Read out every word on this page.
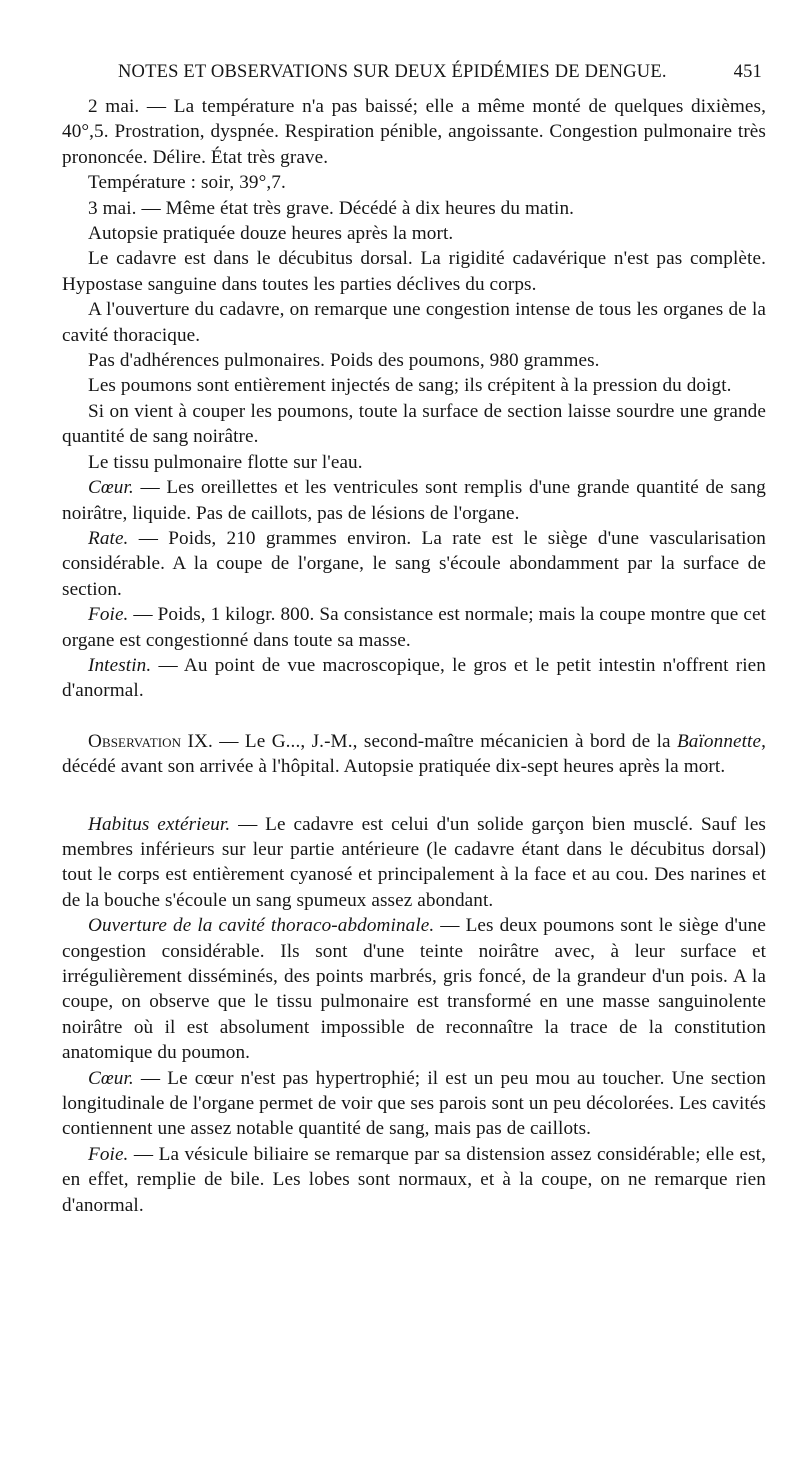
NOTES ET OBSERVATIONS SUR DEUX ÉPIDÉMIES DE DENGUE.	451

2 mai. — La température n'a pas baissé; elle a même monté de quelques dixièmes, 40°,5. Prostration, dyspnée. Respiration pénible, angoissante. Congestion pulmonaire très prononcée. Délire. État très grave.

Température : soir, 39°,7.

3 mai. — Même état très grave. Décédé à dix heures du matin.

Autopsie pratiquée douze heures après la mort.

Le cadavre est dans le décubitus dorsal. La rigidité cadavérique n'est pas complète. Hypostase sanguine dans toutes les parties déclives du corps.

A l'ouverture du cadavre, on remarque une congestion intense de tous les organes de la cavité thoracique.

Pas d'adhérences pulmonaires. Poids des poumons, 980 grammes.

Les poumons sont entièrement injectés de sang; ils crépitent à la pression du doigt.

Si on vient à couper les poumons, toute la surface de section laisse sourdre une grande quantité de sang noirâtre.

Le tissu pulmonaire flotte sur l'eau.

Cœur. — Les oreillettes et les ventricules sont remplis d'une grande quantité de sang noirâtre, liquide. Pas de caillots, pas de lésions de l'organe.

Rate. — Poids, 210 grammes environ. La rate est le siège d'une vascularisation considérable. A la coupe de l'organe, le sang s'écoule abondamment par la surface de section.

Foie. — Poids, 1 kilogr. 800. Sa consistance est normale; mais la coupe montre que cet organe est congestionné dans toute sa masse.

Intestin. — Au point de vue macroscopique, le gros et le petit intestin n'offrent rien d'anormal.

Observation IX. — Le G..., J.-M., second-maître mécanicien à bord de la Baïonnette, décédé avant son arrivée à l'hôpital. Autopsie pratiquée dix-sept heures après la mort.

Habitus extérieur. — Le cadavre est celui d'un solide garçon bien musclé. Sauf les membres inférieurs sur leur partie antérieure (le cadavre étant dans le décubitus dorsal) tout le corps est entièrement cyanosé et principalement à la face et au cou. Des narines et de la bouche s'écoule un sang spumeux assez abondant.

Ouverture de la cavité thoraco-abdominale. — Les deux poumons sont le siège d'une congestion considérable. Ils sont d'une teinte noirâtre avec, à leur surface et irrégulièrement disséminés, des points marbrés, gris foncé, de la grandeur d'un pois. A la coupe, on observe que le tissu pulmonaire est transformé en une masse sanguinolente noirâtre où il est absolument impossible de reconnaître la trace de la constitution anatomique du poumon.

Cœur. — Le cœur n'est pas hypertrophié; il est un peu mou au toucher. Une section longitudinale de l'organe permet de voir que ses parois sont un peu décolorées. Les cavités contiennent une assez notable quantité de sang, mais pas de caillots.

Foie. — La vésicule biliaire se remarque par sa distension assez considérable; elle est, en effet, remplie de bile. Les lobes sont normaux, et à la coupe, on ne remarque rien d'anormal.
